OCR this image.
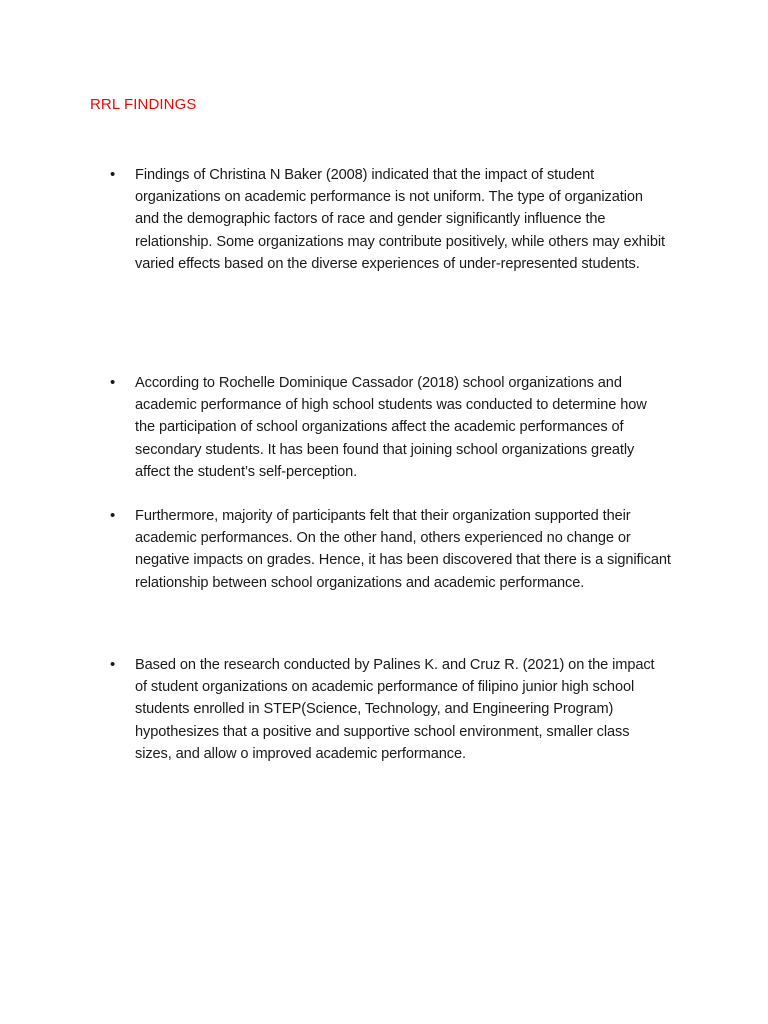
RRL FINDINGS
•	Findings of Christina N Baker (2008) indicated that the impact of student organizations on academic performance is not uniform. The type of organization and the demographic factors of race and gender significantly influence the relationship. Some organizations may contribute positively, while others may exhibit varied effects based on the diverse experiences of under-represented students.
•	According to Rochelle Dominique Cassador (2018) school organizations and academic performance of high school students was conducted to determine how the participation of school organizations affect the academic performances of secondary students. It has been found that joining school organizations greatly affect the student’s self-perception.
•	Furthermore, majority of participants felt that their organization supported their academic performances. On the other hand, others experienced no change or negative impacts on grades. Hence, it has been discovered that there is a significant relationship between school organizations and academic performance.
•	Based on the research conducted by Palines K. and Cruz R. (2021) on the impact of student organizations on academic performance of filipino junior high school students enrolled in STEP(Science, Technology, and Engineering Program) hypothesizes that a positive and supportive school environment, smaller class sizes, and allow o improved academic performance.
